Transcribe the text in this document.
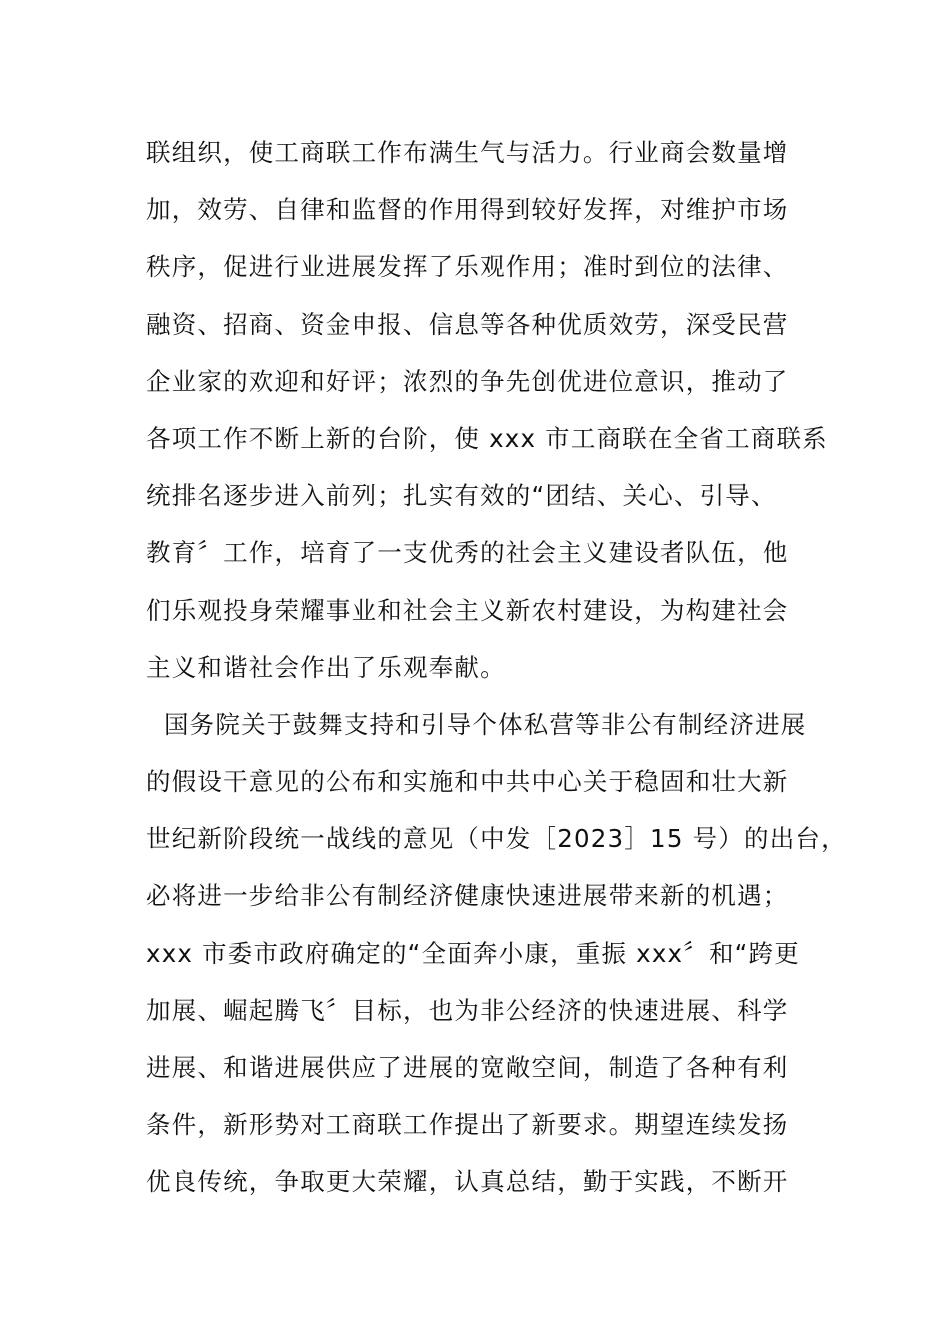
联组织，使工商联工作布满生气与活力。行业商会数量增
加，效劳、自律和监督的作用得到较好发挥，对维护市场
秩序，促进行业进展发挥了乐观作用；准时到位的法律、
融资、招商、资金申报、信息等各种优质效劳，深受民营
企业家的欢迎和好评；浓烈的争先创优进位意识，推动了
各项工作不断上新的台阶，使 xxx 市工商联在全省工商联系
统排名逐步进入前列；扎实有效的“团结、关心、引导、
教育〞工作，培育了一支优秀的社会主义建设者队伍，他
们乐观投身荣耀事业和社会主义新农村建设，为构建社会
主义和谐社会作出了乐观奉献。
国务院关于鼓舞支持和引导个体私营等非公有制经济进展
的假设干意见的公布和实施和中共中心关于稳固和壮大新
世纪新阶段统一战线的意见（中发［2023］15 号）的出台，
必将进一步给非公有制经济健康快速进展带来新的机遇；
xxx 市委市政府确定的“全面奔小康，重振 xxx〞和“跨更
加展、崛起腾飞〞目标，也为非公经济的快速进展、科学
进展、和谐进展供应了进展的宽敞空间，制造了各种有利
条件，新形势对工商联工作提出了新要求。期望连续发扬
优良传统，争取更大荣耀，认真总结，勤于实践，不断开
